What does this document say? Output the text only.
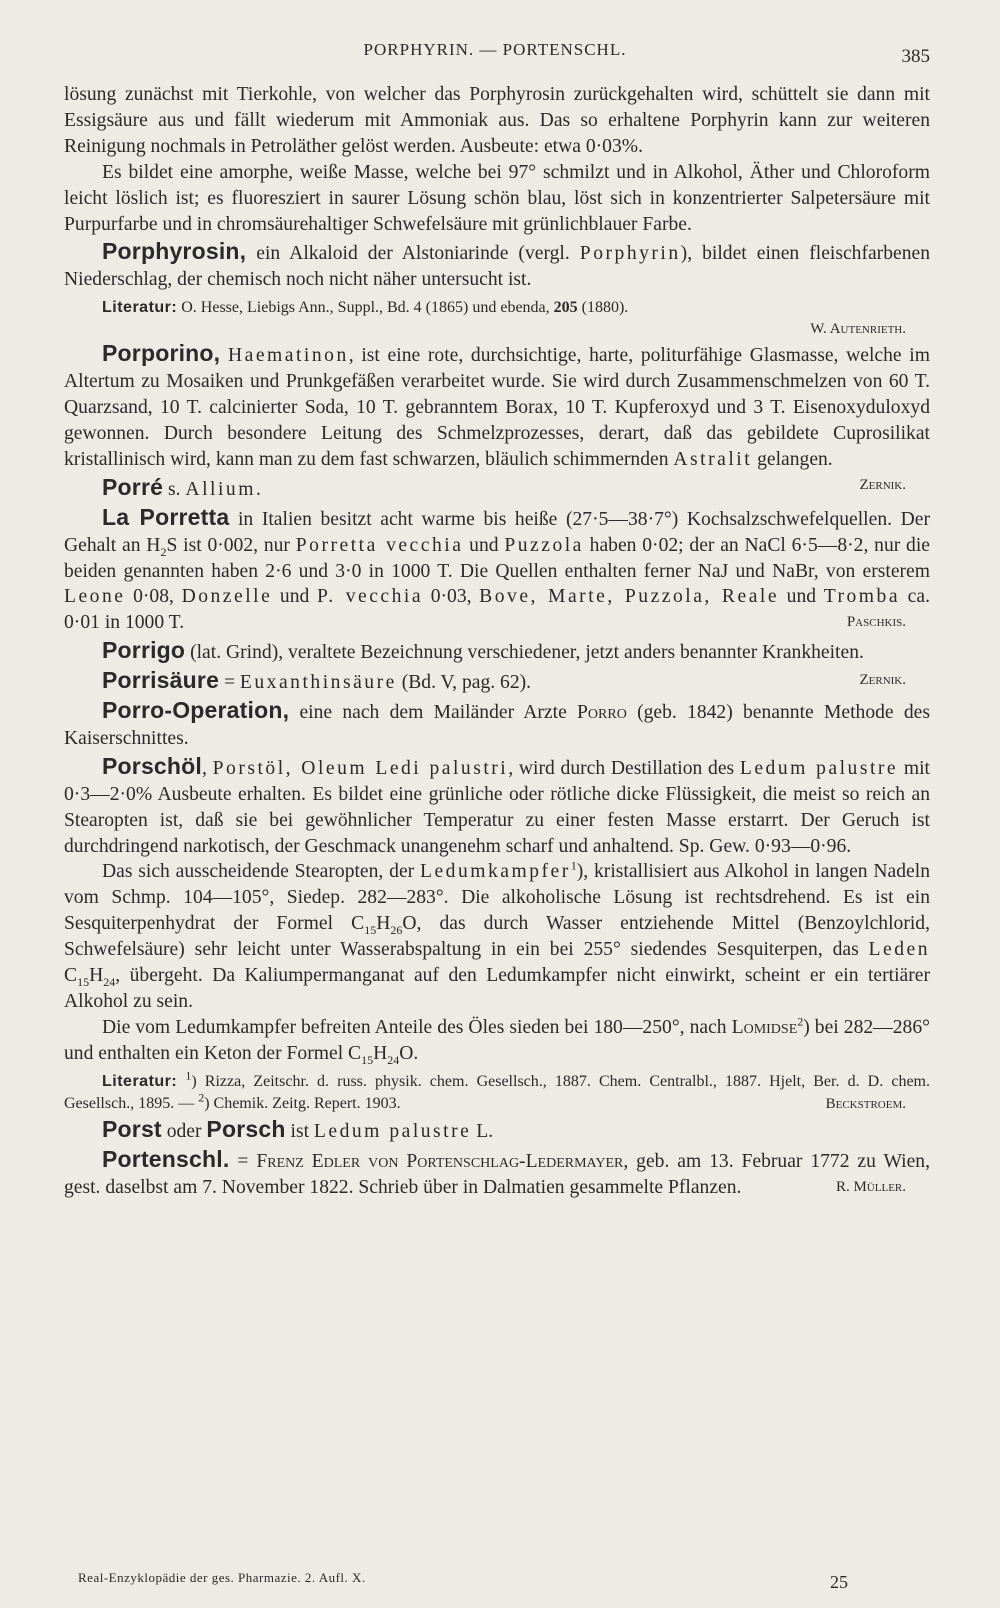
PORPHYRIN. — PORTENSCHL.	385

lösung zunächst mit Tierkohle, von welcher das Porphyrosin zurückgehalten wird, schüttelt sie dann mit Essigsäure aus und fällt wiederum mit Ammoniak aus. Das so erhaltene Porphyrin kann zur weiteren Reinigung nochmals in Petroläther gelöst werden. Ausbeute: etwa 0·03%.

Es bildet eine amorphe, weiße Masse, welche bei 97° schmilzt und in Alkohol, Äther und Chloroform leicht löslich ist; es fluoresziert in saurer Lösung schön blau, löst sich in konzentrierter Salpetersäure mit Purpurfarbe und in chromsäurehaltiger Schwefelsäure mit grünlichblauer Farbe.

Porphyrosin, ein Alkaloid der Alstoniarinde (vergl. Porphyrin), bildet einen fleischfarbenen Niederschlag, der chemisch noch nicht näher untersucht ist.

Literatur: O. Hesse, Liebigs Ann., Suppl., Bd. 4 (1865) und ebenda, 205 (1880).

W. Autenrieth.

Porporino, Haematinon, ist eine rote, durchsichtige, harte, politurfähige Glasmasse, welche im Altertum zu Mosaiken und Prunkgefäßen verarbeitet wurde. Sie wird durch Zusammenschmelzen von 60 T. Quarzsand, 10 T. calcinierter Soda, 10 T. gebranntem Borax, 10 T. Kupferoxyd und 3 T. Eisenoxyduloxyd gewonnen. Durch besondere Leitung des Schmelzprozesses, derart, daß das gebildete Cuprosilikat kristallinisch wird, kann man zu dem fast schwarzen, bläulich schimmernden Astralit gelangen.
Zernik.

Porré s. Allium.

La Porretta in Italien besitzt acht warme bis heiße (27·5—38·7°) Kochsalzschwefelquellen. Der Gehalt an $H_2S$ ist 0·002, nur Porretta vecchia und Puzzola haben 0·02; der an NaCl 6·5—8·2, nur die beiden genannten haben 2·6 und 3·0 in 1000 T. Die Quellen enthalten ferner NaJ und NaBr, von ersterem Leone 0·08, Donzelle und P. vecchia 0·03, Bove, Marte, Puzzola, Reale und Tromba ca. 0·01 in 1000 T.	Paschkis.

Porrigo (lat. Grind), veraltete Bezeichnung verschiedener, jetzt anders benannter Krankheiten.

Porrisäure = Euxanthinsäure (Bd. V, pag. 62).	Zernik.

Porro-Operation, eine nach dem Mailänder Arzte Porro (geb. 1842) benannte Methode des Kaiserschnittes.

Porschöl, Porstöl, Oleum Ledi palustri, wird durch Destillation des Ledum palustre mit 0·3—2·0% Ausbeute erhalten. Es bildet eine grünliche oder rötliche dicke Flüssigkeit, die meist so reich an Stearopten ist, daß sie bei gewöhnlicher Temperatur zu einer festen Masse erstarrt. Der Geruch ist durchdringend narkotisch, der Geschmack unangenehm scharf und anhaltend. Sp. Gew. 0·93—0·96.

Das sich ausscheidende Stearopten, der Ledumkampfer$^1$), kristallisiert aus Alkohol in langen Nadeln vom Schmp. 104—105°, Siedep. 282—283°. Die alkoholische Lösung ist rechtsdrehend. Es ist ein Sesquiterpenhydrat der Formel $C_{15}H_{26}O$, das durch Wasser entziehende Mittel (Benzoylchlorid, Schwefelsäure) sehr leicht unter Wasserabspaltung in ein bei 255° siedendes Sesquiterpen, das Leden $C_{15}H_{24}$, übergeht. Da Kaliumpermanganat auf den Ledumkampfer nicht einwirkt, scheint er ein tertiärer Alkohol zu sein.

Die vom Ledumkampfer befreiten Anteile des Öles sieden bei 180—250°, nach Lomidse$^2$) bei 282—286° und enthalten ein Keton der Formel $C_{15}H_{24}O$.

Literatur: $^1$) Rizza, Zeitschr. d. russ. physik. chem. Gesellsch., 1887. Chem. Centralbl., 1887. Hjelt, Ber. d. D. chem. Gesellsch., 1895. — $^2$) Chemik. Zeitg. Repert. 1903.	Beckstroem.

Porst oder Porsch ist Ledum palustre L.

Portenschl. = Frenz Edler von Portenschlag-Ledermayer, geb. am 13. Februar 1772 zu Wien, gest. daselbst am 7. November 1822. Schrieb über in Dalmatien gesammelte Pflanzen.	R. Müller.

Real-Enzyklopädie der ges. Pharmazie. 2. Aufl. X.	25
